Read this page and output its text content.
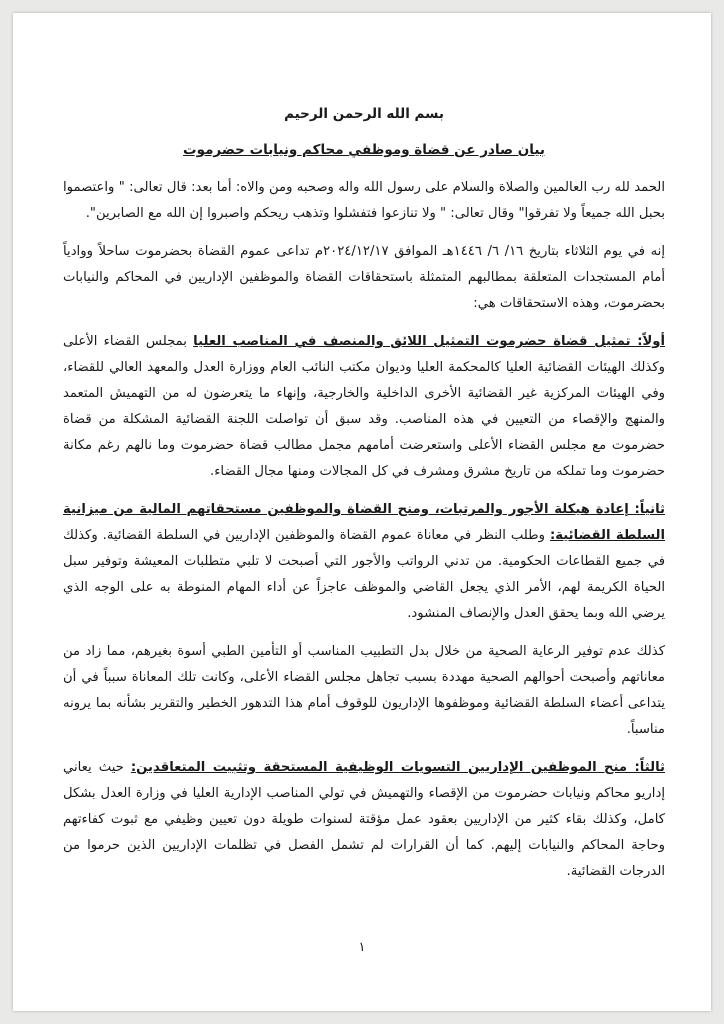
بسم الله الرحمن الرحيم
بيان صادر عن قضاة وموظفي محاكم ونيابات حضرموت

الحمد لله رب العالمين والصلاة والسلام على رسول الله واله وصحبه ومن والاه: أما بعد: قال تعالى: " واعتصموا بحبل الله جميعاً ولا تفرقوا" وقال تعالى: " ولا تنازعوا فتفشلوا وتذهب ريحكم واصبروا إن الله مع الصابرين".

إنه في يوم الثلاثاء بتاريخ ١٦/ ٦/ ١٤٤٦هـ الموافق ٢٠٢٤/١٢/١٧م تداعى عموم القضاة بحضرموت ساحلاً ووادياً أمام المستجدات المتعلقة بمطالبهم المتمثلة باستحقاقات القضاة والموظفين الإداريين في المحاكم والنيابات بحضرموت، وهذه الاستحقاقات هي:

أولاً: تمثيل قضاة حضرموت التمثيل اللائق والمنصف في المناصب العليا بمجلس القضاء الأعلى وكذلك الهيئات القضائية العليا كالمحكمة العليا وديوان مكتب النائب العام ووزارة العدل والمعهد العالي للقضاء، وفي الهيئات المركزية غير القضائية الأخرى الداخلية والخارجية، وإنهاء ما يتعرضون له من التهميش المتعمد والمنهج والإقصاء من التعيين في هذه المناصب. وقد سبق أن تواصلت اللجنة القضائية المشكلة من قضاة حضرموت مع مجلس القضاء الأعلى واستعرضت أمامهم مجمل مطالب قضاة حضرموت وما نالهم رغم مكانة حضرموت وما تملكه من تاريخ مشرق ومشرف في كل المجالات ومنها مجال القضاء.

ثانياً: إعادة هيكلة الأجور والمرتبات، ومنح القضاة والموظفين مستحقاتهم المالية من ميزانية السلطة القضائية: وطلب النظر في معاناة عموم القضاة والموظفين الإداريين في السلطة القضائية. وكذلك في جميع القطاعات الحكومية. من تدني الرواتب والأجور التي أصبحت لا تلبي متطلبات المعيشة وتوفير سبل الحياة الكريمة لهم، الأمر الذي يجعل القاضي والموظف عاجزاً عن أداء المهام المنوطة به على الوجه الذي يرضي الله وبما يحقق العدل والإنصاف المنشود.

كذلك عدم توفير الرعاية الصحية من خلال بدل التطبيب المناسب أو التأمين الطبي أسوة بغيرهم، مما زاد من معاناتهم وأصبحت أحوالهم الصحية مهددة بسبب تجاهل مجلس القضاء الأعلى، وكانت تلك المعاناة سبباً في أن يتداعى أعضاء السلطة القضائية وموظفوها الإداريون للوقوف أمام هذا التدهور الخطير والتقرير بشأنه بما يرونه مناسباً.

ثالثاً: منح الموظفين الإداريين التسويات الوظيفية المستحقة وتثبيت المتعاقدين: حيث يعاني إداريو محاكم ونيابات حضرموت من الإقصاء والتهميش في تولي المناصب الإدارية العليا في وزارة العدل بشكل كامل، وكذلك بقاء كثير من الإداريين بعقود عمل مؤقتة لسنوات طويلة دون تعيين وظيفي مع ثبوت كفاءتهم وحاجة المحاكم والنيابات إليهم. كما أن القرارات لم تشمل الفصل في تظلمات الإداريين الذين حرموا من الدرجات القضائية.

١
